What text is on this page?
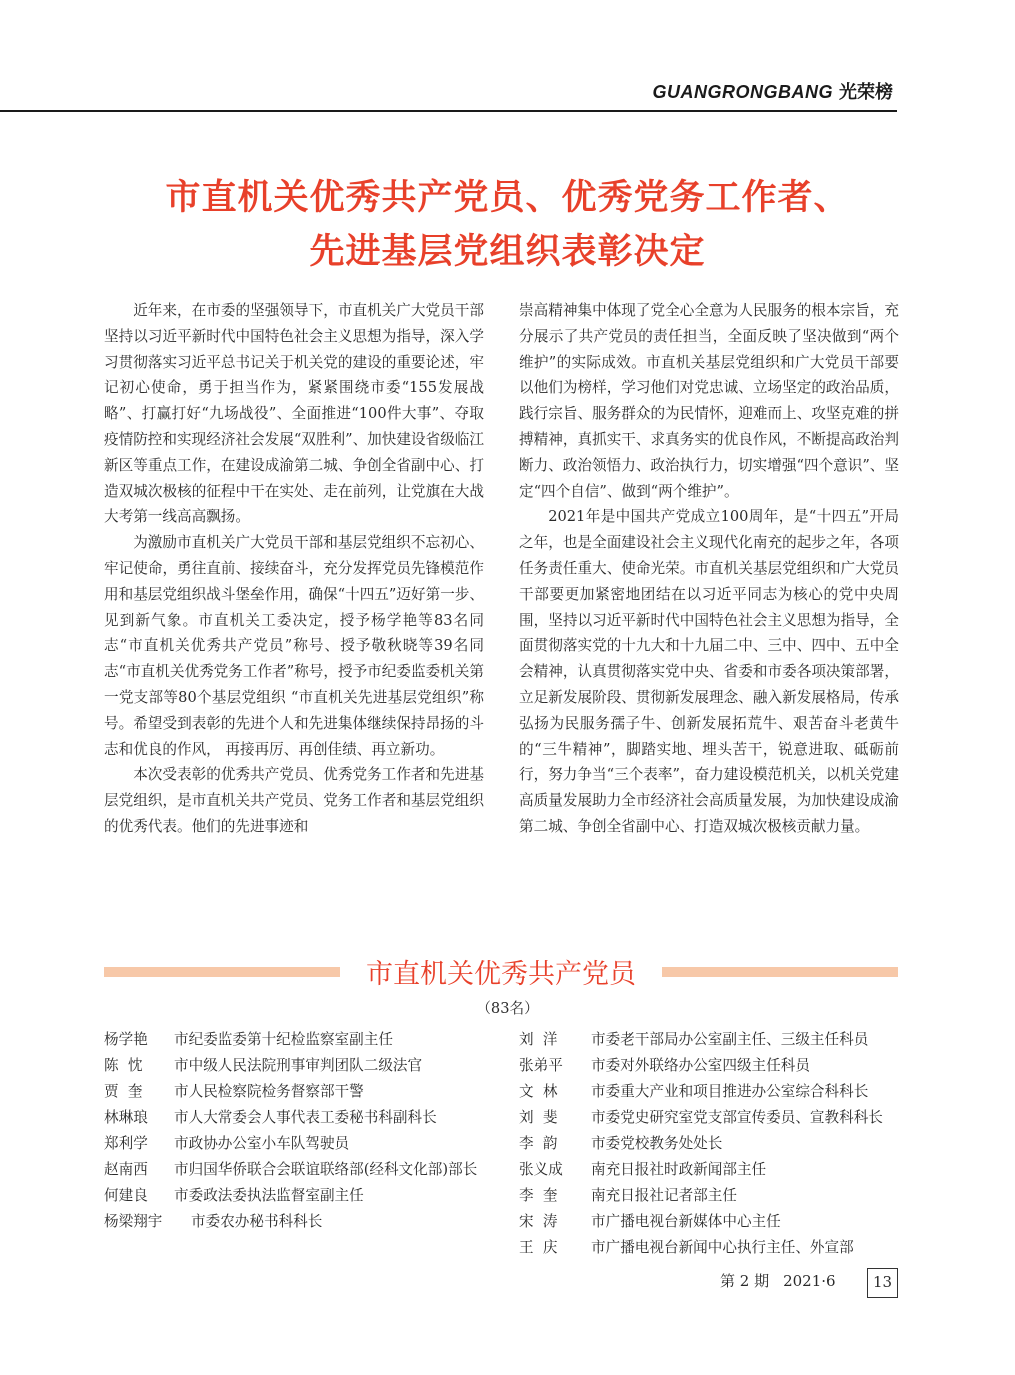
GUANGRONGBANG 光荣榜
市直机关优秀共产党员、优秀党务工作者、
先进基层党组织表彰决定

近年来，在市委的坚强领导下，市直机关广大党员干部坚持以习近平新时代中国特色社会主义思想为指导，深入学习贯彻落实习近平总书记关于机关党的建设的重要论述，牢记初心使命，勇于担当作为，紧紧围绕市委“155发展战略”、打赢打好“九场战役”、全面推进“100件大事”、夺取疫情防控和实现经济社会发展“双胜利”、加快建设省级临江新区等重点工作，在建设成渝第二城、争创全省副中心、打造双城次极核的征程中干在实处、走在前列，让党旗在大战大考第一线高高飘扬。

为激励市直机关广大党员干部和基层党组织不忘初心、牢记使命，勇往直前、接续奋斗，充分发挥党员先锋模范作用和基层党组织战斗堡垒作用，确保“十四五”迈好第一步、见到新气象。市直机关工委决定，授予杨学艳等83名同志“市直机关优秀共产党员”称号、授予敬秋晓等39名同志“市直机关优秀党务工作者”称号，授予市纪委监委机关第一党支部等80个基层党组织 “市直机关先进基层党组织”称号。希望受到表彰的先进个人和先进集体继续保持昂扬的斗志和优良的作风， 再接再厉、再创佳绩、再立新功。

本次受表彰的优秀共产党员、优秀党务工作者和先进基层党组织，是市直机关共产党员、党务工作者和基层党组织的优秀代表。他们的先进事迹和

崇高精神集中体现了党全心全意为人民服务的根本宗旨，充分展示了共产党员的责任担当，全面反映了坚决做到“两个维护”的实际成效。市直机关基层党组织和广大党员干部要以他们为榜样，学习他们对党忠诚、立场坚定的政治品质，践行宗旨、服务群众的为民情怀，迎难而上、攻坚克难的拼搏精神，真抓实干、求真务实的优良作风，不断提高政治判断力、政治领悟力、政治执行力，切实增强“四个意识”、坚定“四个自信”、做到“两个维护”。

2021年是中国共产党成立100周年，是“十四五”开局之年，也是全面建设社会主义现代化南充的起步之年，各项任务责任重大、使命光荣。市直机关基层党组织和广大党员干部要更加紧密地团结在以习近平同志为核心的党中央周围，坚持以习近平新时代中国特色社会主义思想为指导，全面贯彻落实党的十九大和十九届二中、三中、四中、五中全会精神，认真贯彻落实党中央、省委和市委各项决策部署，立足新发展阶段、贯彻新发展理念、融入新发展格局，传承弘扬为民服务孺子牛、创新发展拓荒牛、艰苦奋斗老黄牛的“三牛精神”，脚踏实地、埋头苦干，锐意进取、砥砺前行，努力争当“三个表率”，奋力建设模范机关，以机关党建高质量发展助力全市经济社会高质量发展，为加快建设成渝第二城、争创全省副中心、打造双城次极核贡献力量。

市直机关优秀共产党员
（83名）
杨学艳	市纪委监委第十纪检监察室副主任
陈  忱	市中级人民法院刑事审判团队二级法官
贾  奎	市人民检察院检务督察部干警
林琳琅	市人大常委会人事代表工委秘书科副科长
郑利学	市政协办公室小车队驾驶员
赵南西	市归国华侨联合会联谊联络部(经科文化部)部长
何建良	市委政法委执法监督室副主任
杨梁翔宇	市委农办秘书科科长
刘  洋	市委老干部局办公室副主任、三级主任科员
张弟平	市委对外联络办公室四级主任科员
文  林	市委重大产业和项目推进办公室综合科科长
刘  斐	市委党史研究室党支部宣传委员、宣教科科长
李  韵	市委党校教务处处长
张义成	南充日报社时政新闻部主任
李  奎	南充日报社记者部主任
宋  涛	市广播电视台新媒体中心主任
王  庆	市广播电视台新闻中心执行主任、外宣部
第 2 期 2021·6	13
